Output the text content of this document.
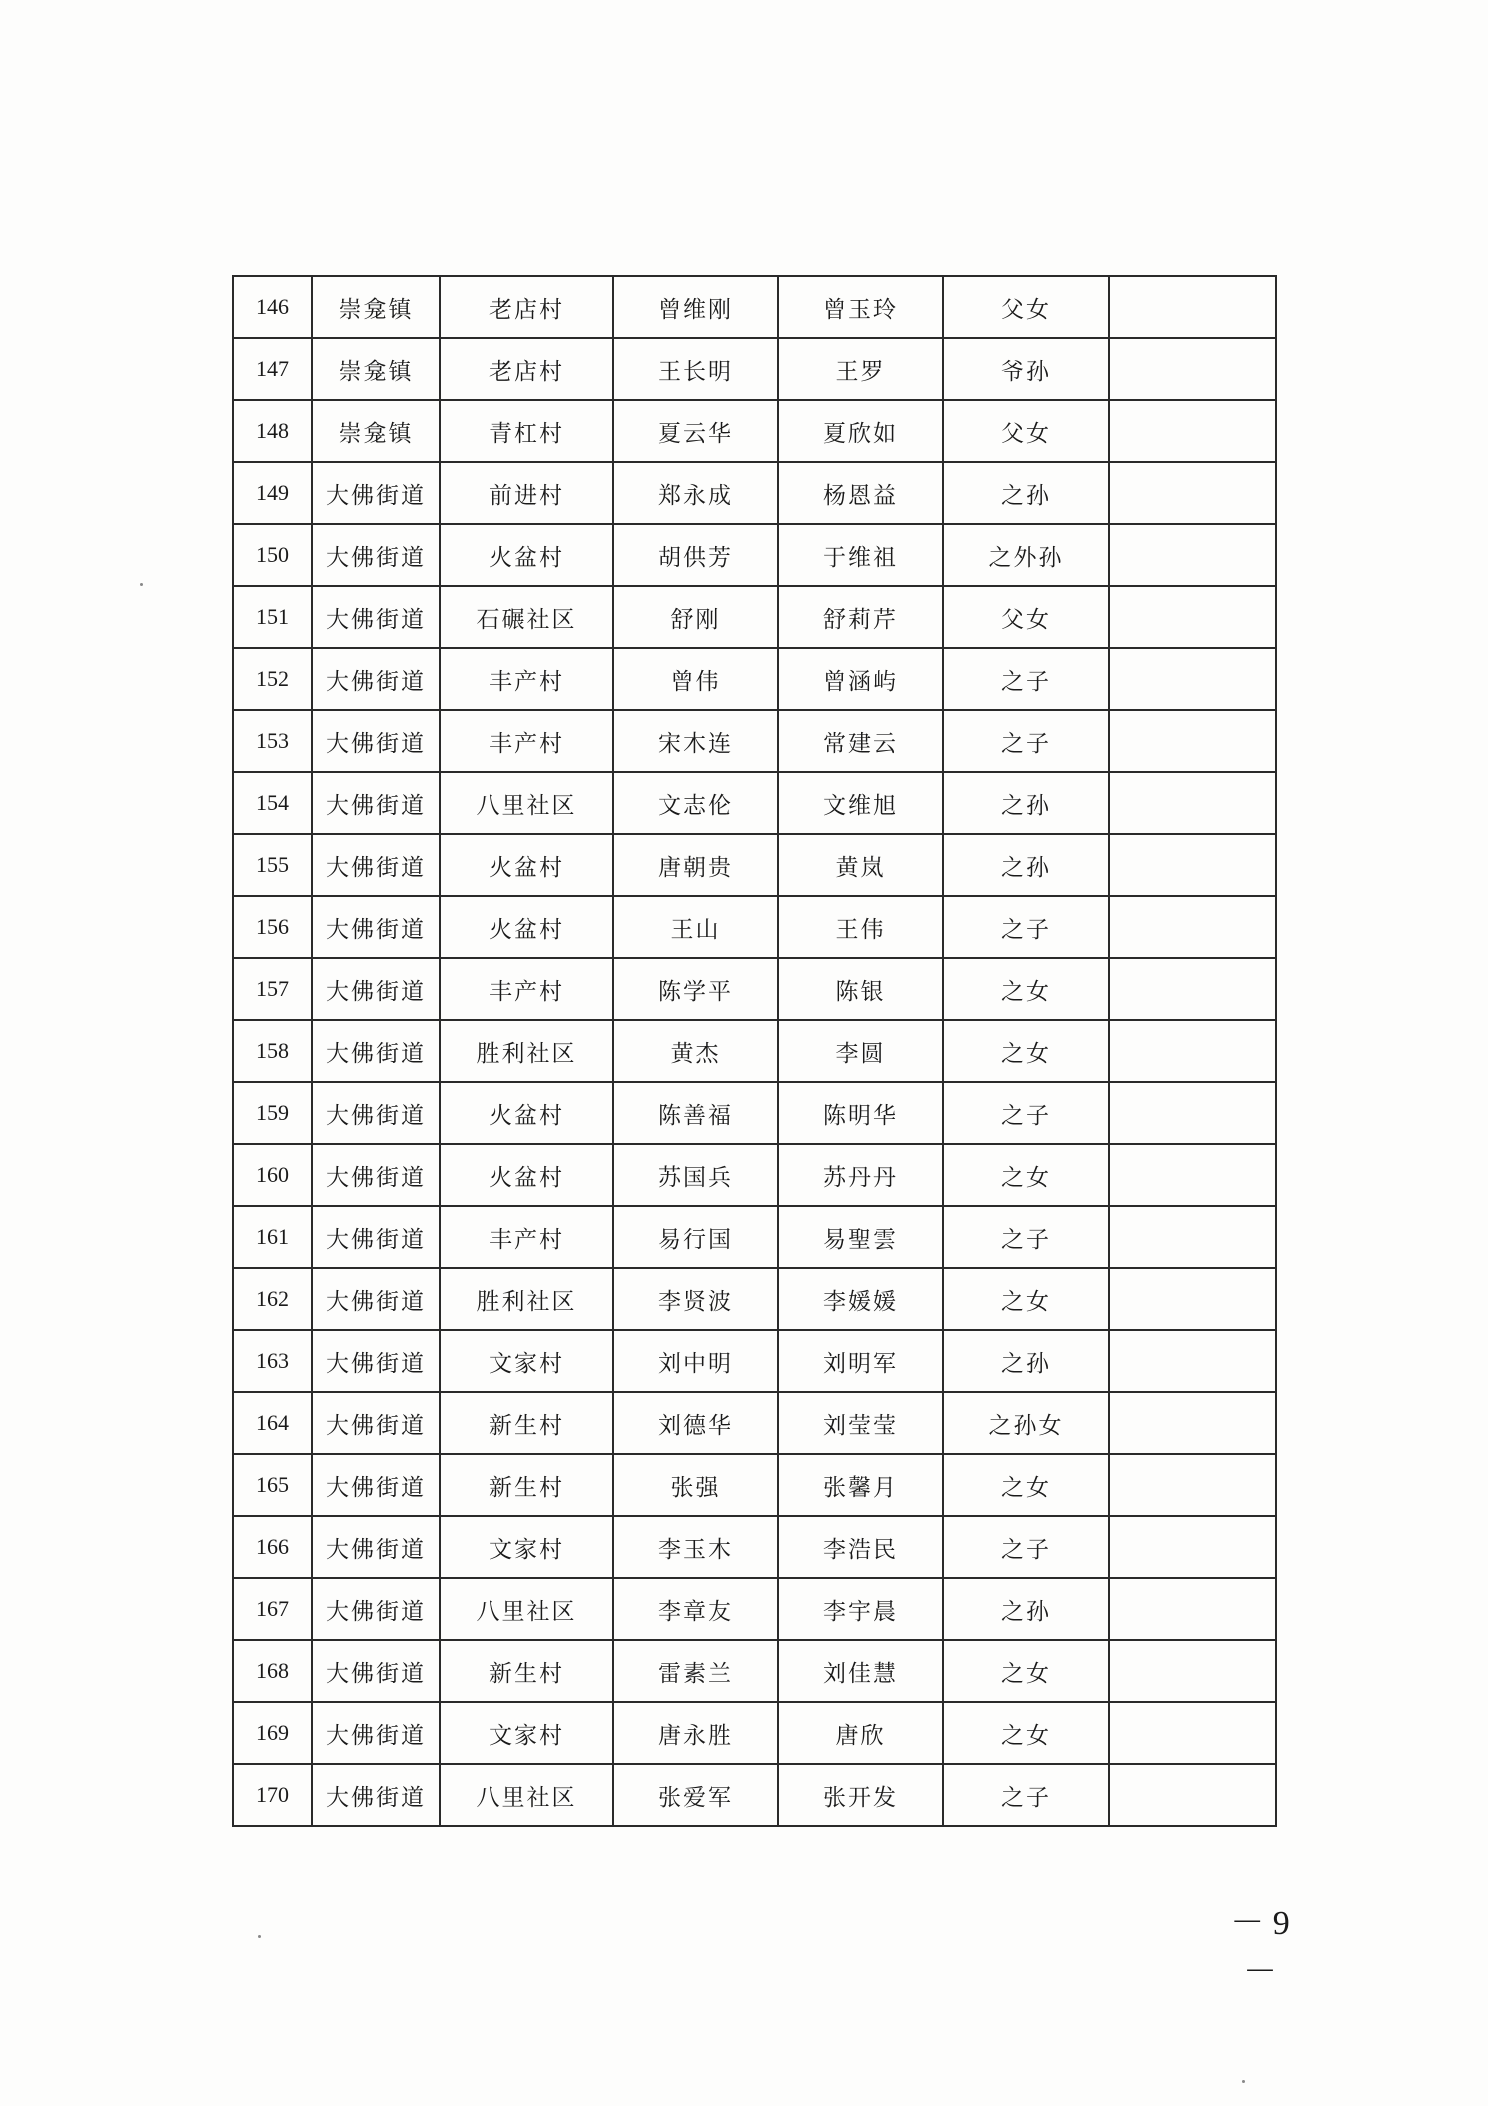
146	崇龛镇	老店村	曾维刚	曾玉玲	父女	
147	崇龛镇	老店村	王长明	王罗	爷孙	
148	崇龛镇	青杠村	夏云华	夏欣如	父女	
149	大佛街道	前进村	郑永成	杨恩益	之孙	
150	大佛街道	火盆村	胡供芳	于维祖	之外孙	
151	大佛街道	石碾社区	舒刚	舒莉芹	父女	
152	大佛街道	丰产村	曾伟	曾涵屿	之子	
153	大佛街道	丰产村	宋木连	常建云	之子	
154	大佛街道	八里社区	文志伦	文维旭	之孙	
155	大佛街道	火盆村	唐朝贵	黄岚	之孙	
156	大佛街道	火盆村	王山	王伟	之子	
157	大佛街道	丰产村	陈学平	陈银	之女	
158	大佛街道	胜利社区	黄杰	李圆	之女	
159	大佛街道	火盆村	陈善福	陈明华	之子	
160	大佛街道	火盆村	苏国兵	苏丹丹	之女	
161	大佛街道	丰产村	易行国	易聖雲	之子	
162	大佛街道	胜利社区	李贤波	李媛媛	之女	
163	大佛街道	文家村	刘中明	刘明军	之孙	
164	大佛街道	新生村	刘德华	刘莹莹	之孙女	
165	大佛街道	新生村	张强	张馨月	之女	
166	大佛街道	文家村	李玉木	李浩民	之子	
167	大佛街道	八里社区	李章友	李宇晨	之孙	
168	大佛街道	新生村	雷素兰	刘佳慧	之女	
169	大佛街道	文家村	唐永胜	唐欣	之女	
170	大佛街道	八里社区	张爱军	张开发	之子	
－ 9 －
